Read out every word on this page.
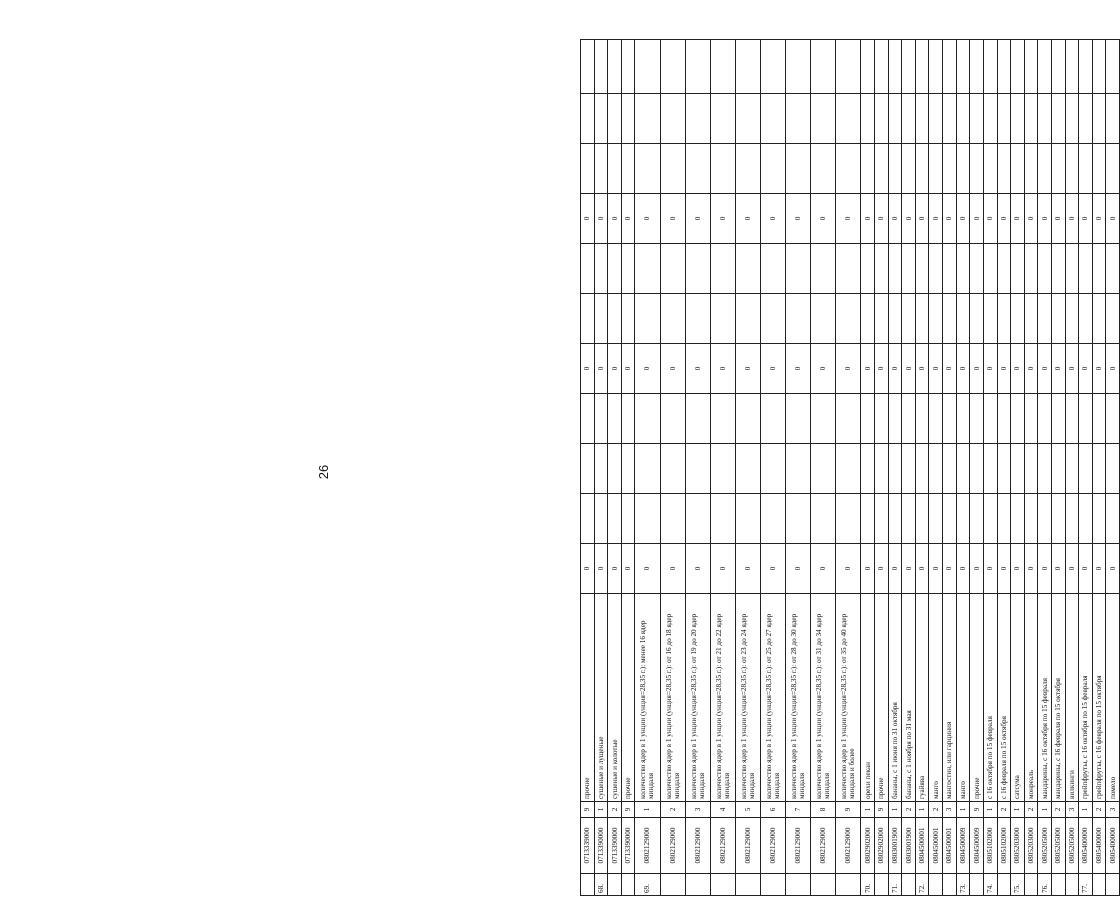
26
	0713339000	9	прочие	0				0			0				
68.	0713390000	1	сушеные и лущеные	0				0			0				
	0713390000	2	сушеные и колотые	0				0			0				
	0713390000	9	прочие	0				0			0				
69.	0802129000	1	количество ядер в 1 унции (унция=28,35 г.): менее 16 ядер миндаля	0				0			0				
	0802129000	2	количество ядер в 1 унции (унция=28,35 г.): от 16 до 18 ядер миндаля	0				0			0				
	0802129000	3	количество ядер в 1 унции (унция=28,35 г.): от 19 до 20 ядер миндаля	0				0			0				
	0802129000	4	количество ядер в 1 унции (унция=28,35 г.): от 21 до 22 ядер миндаля	0				0			0				
	0802129000	5	количество ядер в 1 унции (унция=28,35 г.): от 23 до 24 ядер миндаля	0				0			0				
	0802129000	6	количество ядер в 1 унции (унция=28,35 г.): от 25 до 27 ядер миндаля	0				0			0				
	0802129000	7	количество ядер в 1 унции (унция=28,35 г.): от 28 до 30 ядер миндаля	0				0			0				
	0802129000	8	количество ядер в 1 унции (унция=28,35 г.): от 31 до 34 ядер миндаля	0				0			0				
	0802129000	9	количество ядер в 1 унции (унция=28,35 г.): от 35 до 40 ядер миндаля и более	0				0			0				
70.	0802902000	1	орехи пекан	0				0			0				
	0802902000	9	прочие	0				0			0				
71.	0803001900	1	бананы, с 1 июня по 31 октября	0				0			0				
	0803001900	2	бананы, с 1 ноября по 31 мая	0				0			0				
72.	0804500001	1	гуайява	0				0			0				
	0804500001	2	манго	0				0			0				
	0804500001	3	мангостин, или гарциния	0				0			0				
73.	0804500009	1	манго	0				0			0				
	0804500009	9	прочие	0				0			0				
74.	0805102000	1	с 16 октября по 15 февраля	0				0			0				
	0805102000	2	с 16 февраля по 15 октября	0				0			0				
75.	0805203000	1	сатсума	0				0			0				
	0805203000	2	монреаль	0				0			0				
76.	0805205000	1	мандарины, с 16 октября по 15 февраля	0				0			0				
	0805205000	2	мандарины, с 16 февраля по 15 октября	0				0			0				
	0805205000	3	вилкинги	0				0			0				
77.	0805400000	1	грейпфруты, с 16 октября по 15 февраля	0				0			0				
	0805400000	2	грейпфруты, с 16 февраля по 15 октября	0				0			0				
	0805400000	3	помело	0				0			0				
